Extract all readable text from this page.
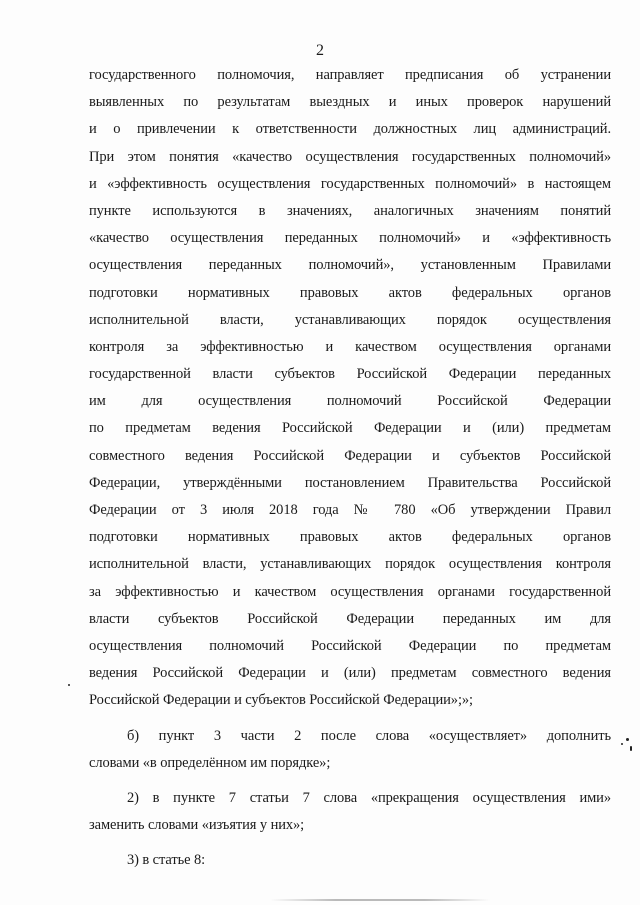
2
государственного полномочия, направляет предписания об устранении
выявленных по результатам выездных и иных проверок нарушений
и о привлечении к ответственности должностных лиц администраций.
При этом понятия «качество осуществления государственных полномочий»
и «эффективность осуществления государственных полномочий» в настоящем
пункте используются в значениях, аналогичных значениям понятий
«качество осуществления переданных полномочий» и «эффективность
осуществления переданных полномочий», установленным Правилами
подготовки нормативных правовых актов федеральных органов
исполнительной власти, устанавливающих порядок осуществления
контроля за эффективностью и качеством осуществления органами
государственной власти субъектов Российской Федерации переданных
им для осуществления полномочий Российской Федерации
по предметам ведения Российской Федерации и (или) предметам
совместного ведения Российской Федерации и субъектов Российской
Федерации, утверждёнными постановлением Правительства Российской
Федерации от 3 июля 2018 года № 780 «Об утверждении Правил
подготовки нормативных правовых актов федеральных органов
исполнительной власти, устанавливающих порядок осуществления контроля
за эффективностью и качеством осуществления органами государственной
власти субъектов Российской Федерации переданных им для
осуществления полномочий Российской Федерации по предметам
ведения Российской Федерации и (или) предметам совместного ведения
Российской Федерации и субъектов Российской Федерации»;»;
б) пункт 3 части 2 после слова «осуществляет» дополнить
словами «в определённом им порядке»;
2) в пункте 7 статьи 7 слова «прекращения осуществления ими»
заменить словами «изъятия у них»;
3) в статье 8:
